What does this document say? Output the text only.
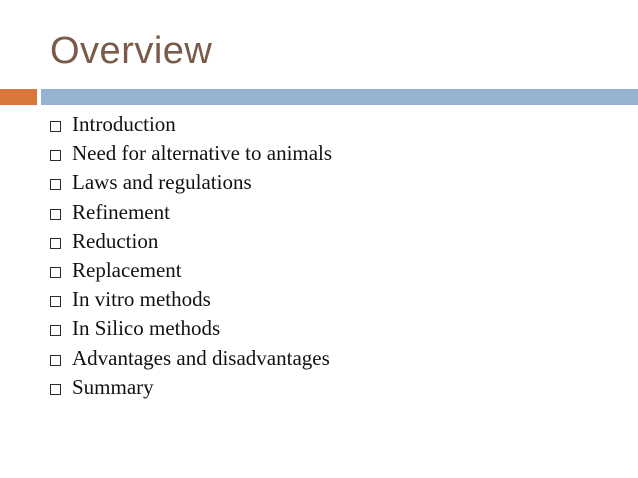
Overview
Introduction
Need for alternative to animals
Laws and regulations
Refinement
Reduction
Replacement
In vitro methods
In Silico methods
Advantages and disadvantages
Summary
